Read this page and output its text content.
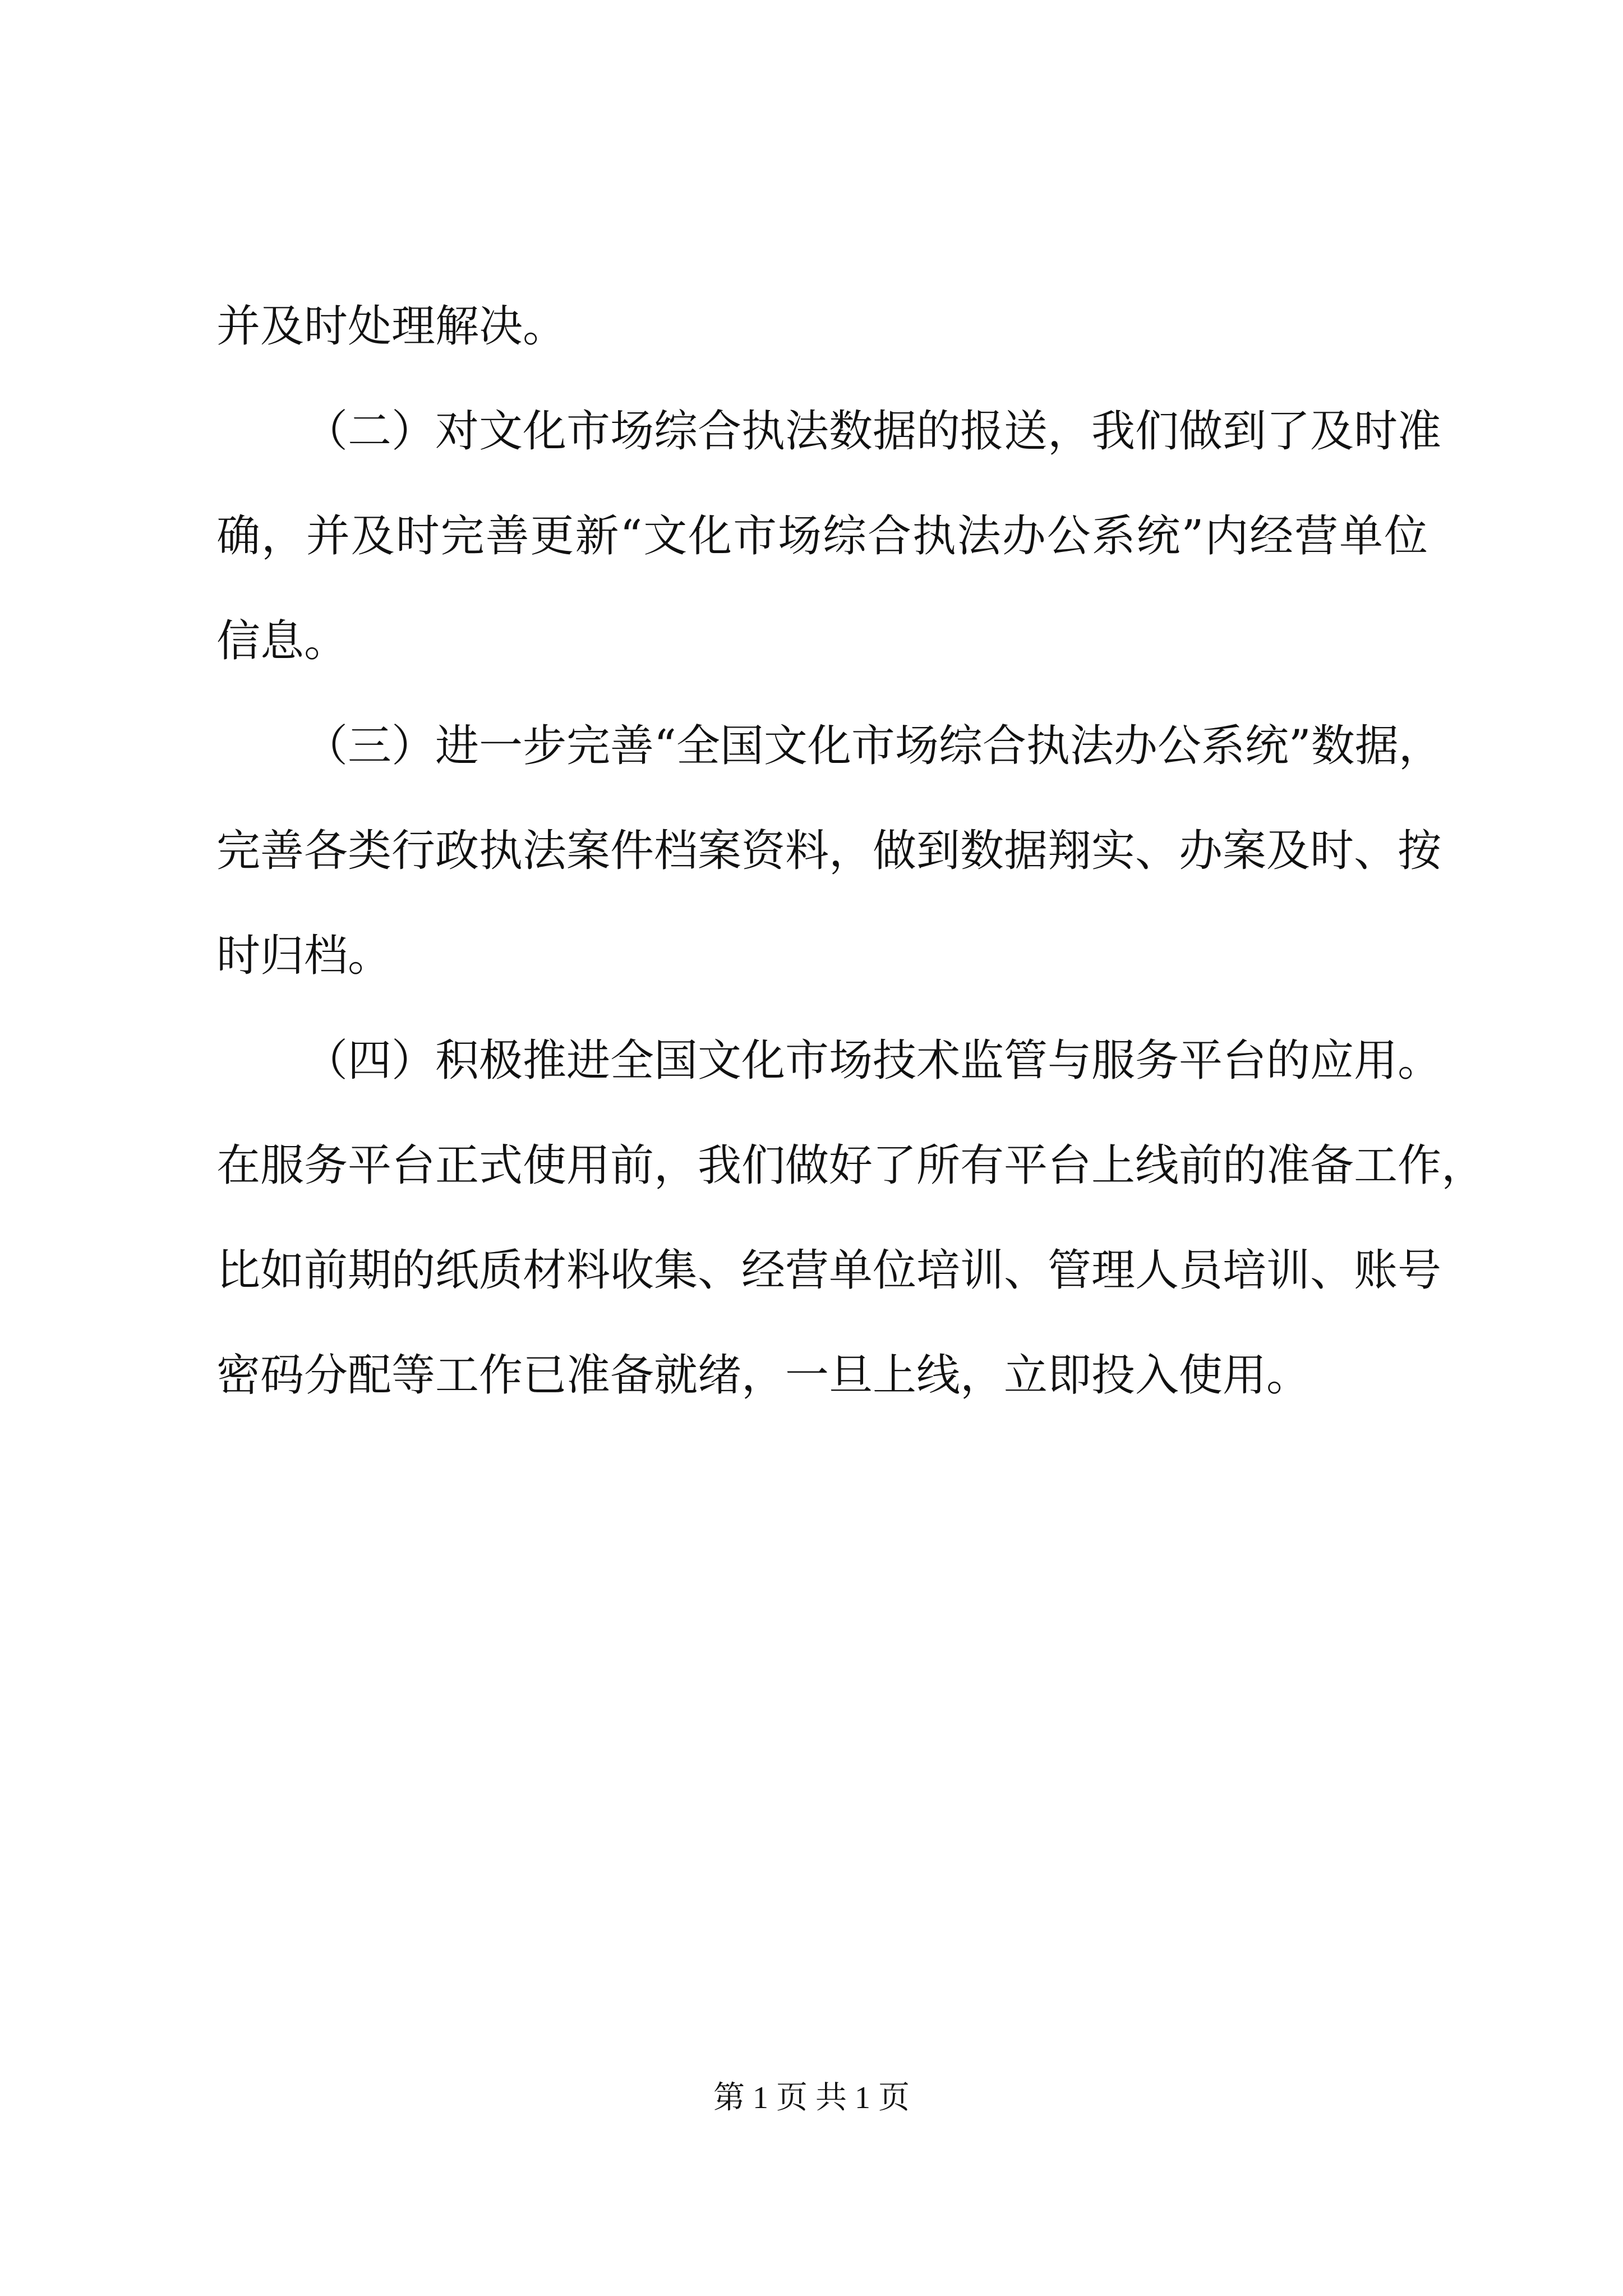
并及时处理解决。
（二）对文化市场综合执法数据的报送，我们做到了及时准
确，并及时完善更新“文化市场综合执法办公系统”内经营单位
信息。
（三）进一步完善“全国文化市场综合执法办公系统”数据，
完善各类行政执法案件档案资料，做到数据翔实、办案及时、按
时归档。
（四）积极推进全国文化市场技术监管与服务平台的应用。
在服务平台正式使用前，我们做好了所有平台上线前的准备工作，
比如前期的纸质材料收集、经营单位培训、管理人员培训、账号
密码分配等工作已准备就绪，一旦上线，立即投入使用。
第 1 页 共 1 页
